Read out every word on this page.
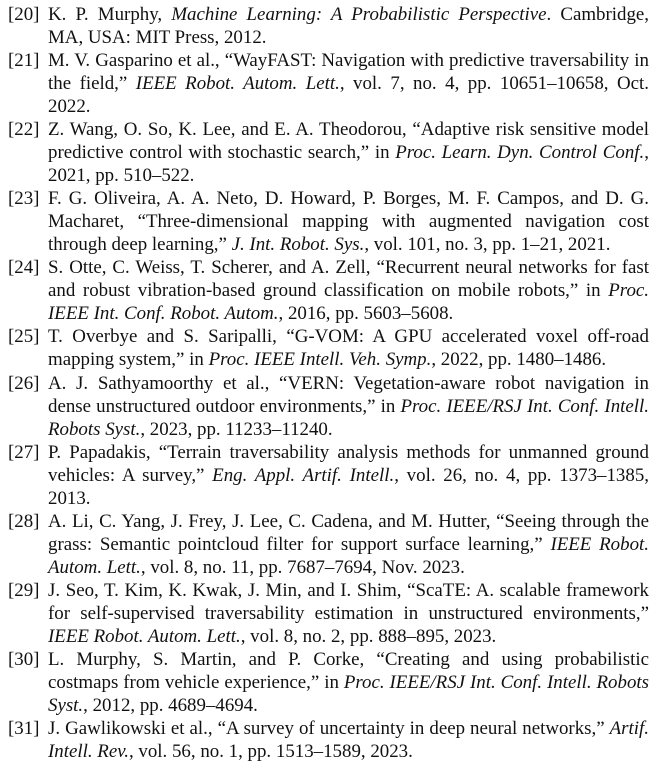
[20] K. P. Murphy, Machine Learning: A Probabilistic Perspective. Cambridge, MA, USA: MIT Press, 2012.
[21] M. V. Gasparino et al., “WayFAST: Navigation with predictive traversability in the field,” IEEE Robot. Autom. Lett., vol. 7, no. 4, pp. 10651–10658, Oct. 2022.
[22] Z. Wang, O. So, K. Lee, and E. A. Theodorou, “Adaptive risk sensitive model predictive control with stochastic search,” in Proc. Learn. Dyn. Control Conf., 2021, pp. 510–522.
[23] F. G. Oliveira, A. A. Neto, D. Howard, P. Borges, M. F. Campos, and D. G. Macharet, “Three-dimensional mapping with augmented navigation cost through deep learning,” J. Int. Robot. Sys., vol. 101, no. 3, pp. 1–21, 2021.
[24] S. Otte, C. Weiss, T. Scherer, and A. Zell, “Recurrent neural networks for fast and robust vibration-based ground classification on mobile robots,” in Proc. IEEE Int. Conf. Robot. Autom., 2016, pp. 5603–5608.
[25] T. Overbye and S. Saripalli, “G-VOM: A GPU accelerated voxel off-road mapping system,” in Proc. IEEE Intell. Veh. Symp., 2022, pp. 1480–1486.
[26] A. J. Sathyamoorthy et al., “VERN: Vegetation-aware robot navigation in dense unstructured outdoor environments,” in Proc. IEEE/RSJ Int. Conf. Intell. Robots Syst., 2023, pp. 11233–11240.
[27] P. Papadakis, “Terrain traversability analysis methods for unmanned ground vehicles: A survey,” Eng. Appl. Artif. Intell., vol. 26, no. 4, pp. 1373–1385, 2013.
[28] A. Li, C. Yang, J. Frey, J. Lee, C. Cadena, and M. Hutter, “Seeing through the grass: Semantic pointcloud filter for support surface learning,” IEEE Robot. Autom. Lett., vol. 8, no. 11, pp. 7687–7694, Nov. 2023.
[29] J. Seo, T. Kim, K. Kwak, J. Min, and I. Shim, “ScaTE: A. scalable framework for self-supervised traversability estimation in unstructured environments,” IEEE Robot. Autom. Lett., vol. 8, no. 2, pp. 888–895, 2023.
[30] L. Murphy, S. Martin, and P. Corke, “Creating and using probabilistic costmaps from vehicle experience,” in Proc. IEEE/RSJ Int. Conf. Intell. Robots Syst., 2012, pp. 4689–4694.
[31] J. Gawlikowski et al., “A survey of uncertainty in deep neural networks,” Artif. Intell. Rev., vol. 56, no. 1, pp. 1513–1589, 2023.
